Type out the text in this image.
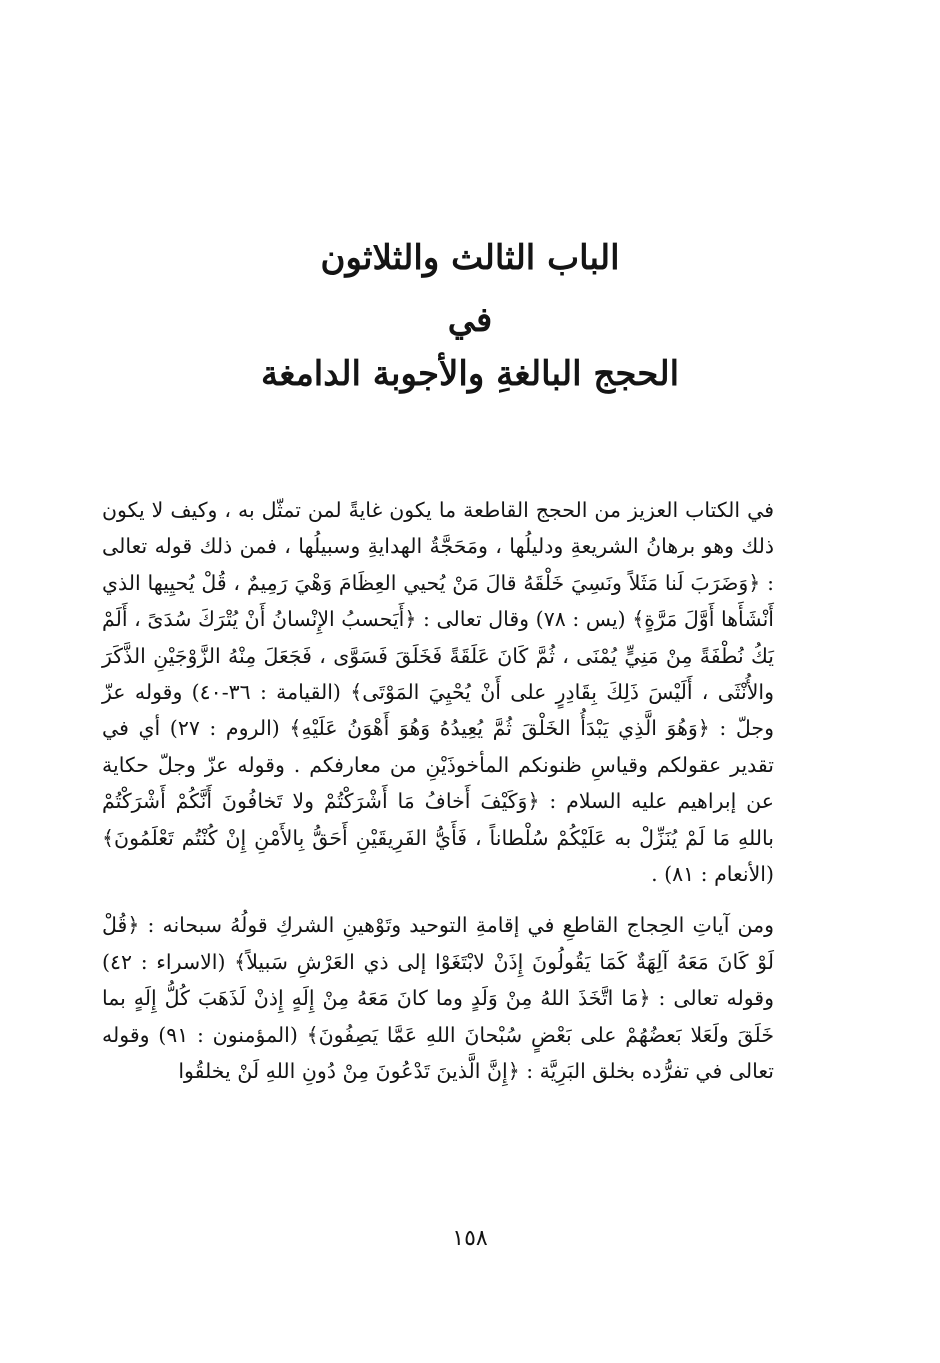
الباب الثالث والثلاثون
في
الحجج البالغةِ والأجوبة الدامغة

في الكتاب العزيز من الحجج القاطعة ما يكون غايةً لمن تمثّل به ، وكيف لا يكون ذلك وهو برهانُ الشريعةِ ودليلُها ، ومَحَجَّةُ الهدايةِ وسبيلُها ، فمن ذلك قوله تعالى : ﴿وَضَرَبَ لَنا مَثَلاً ونَسِيَ خَلْقَهُ قالَ مَنْ يُحيي العِظَامَ وَهْيَ رَمِيمٌ ، قُلْ يُحيِيها الذي أَنْشَأَها أَوَّلَ مَرَّةٍ﴾ (يس : ٧٨) وقال تعالى : ﴿أَيَحسبُ الإِنْسانُ أَنْ يُتْرَكَ سُدَىً ، أَلَمْ يَكُ نُطْفَةً مِنْ مَنِيٍّ يُمْنَى ، ثُمَّ كَانَ عَلَقَةً فَخَلَقَ فَسَوَّى ، فَجَعَلَ مِنْهُ الزَّوْجَيْنِ الذَّكَرَ والأُنْثَى ، أَلَيْسَ ذَلِكَ بِقَادِرٍ على أَنْ يُحْيِيَ المَوْتَى﴾ (القيامة : ٣٦-٤٠) وقوله عزّ وجلّ : ﴿وَهُوَ الَّذِي يَبْدَأُ الخَلْقَ ثُمَّ يُعِيدُهُ وَهُوَ أَهْوَنُ عَلَيْهِ﴾ (الروم : ٢٧) أي في تقدير عقولكم وقياسِ ظنونكم المأخوذَيْنِ من معارفكم . وقوله عزّ وجلّ حكاية عن إبراهيم عليه السلام : ﴿وَكَيْفَ أَخافُ مَا أَشْرَكْتُمْ ولا تَخافُونَ أَنَّكُمْ أَشْرَكْتُمْ باللهِ مَا لَمْ يُنَزِّلْ به عَلَيْكُمْ سُلْطاناً ، فَأَيُّ الفَرِيقَيْنِ أَحَقُّ بِالأَمْنِ إِنْ كُنْتُم تَعْلَمُونَ﴾ (الأنعام : ٨١) .

ومن آياتِ الحِجاج القاطعِ في إقامةِ التوحيد وتَوْهينِ الشركِ قولُهُ سبحانه : ﴿قُلْ لَوْ كَانَ مَعَهُ آلِهَةٌ كَمَا يَقُولُونَ إِذَنْ لابْتَغَوْا إلى ذي العَرْشِ سَبيلاً﴾ (الاسراء : ٤٢) وقوله تعالى : ﴿مَا اتَّخَذَ اللهُ مِنْ وَلَدٍ وما كانَ مَعَهُ مِنْ إِلَهٍ إِذنْ لَذَهَبَ كُلُّ إِلَهٍ بما خَلَقَ ولَعَلا بَعضُهُمْ على بَعْضٍ سُبْحانَ اللهِ عَمَّا يَصِفُونَ﴾ (المؤمنون : ٩١) وقوله تعالى في تفرُّده بخلق البَرِيَّة : ﴿إِنَّ الَّذينَ تَدْعُونَ مِنْ دُونِ اللهِ لَنْ يخلقُوا

١٥٨
